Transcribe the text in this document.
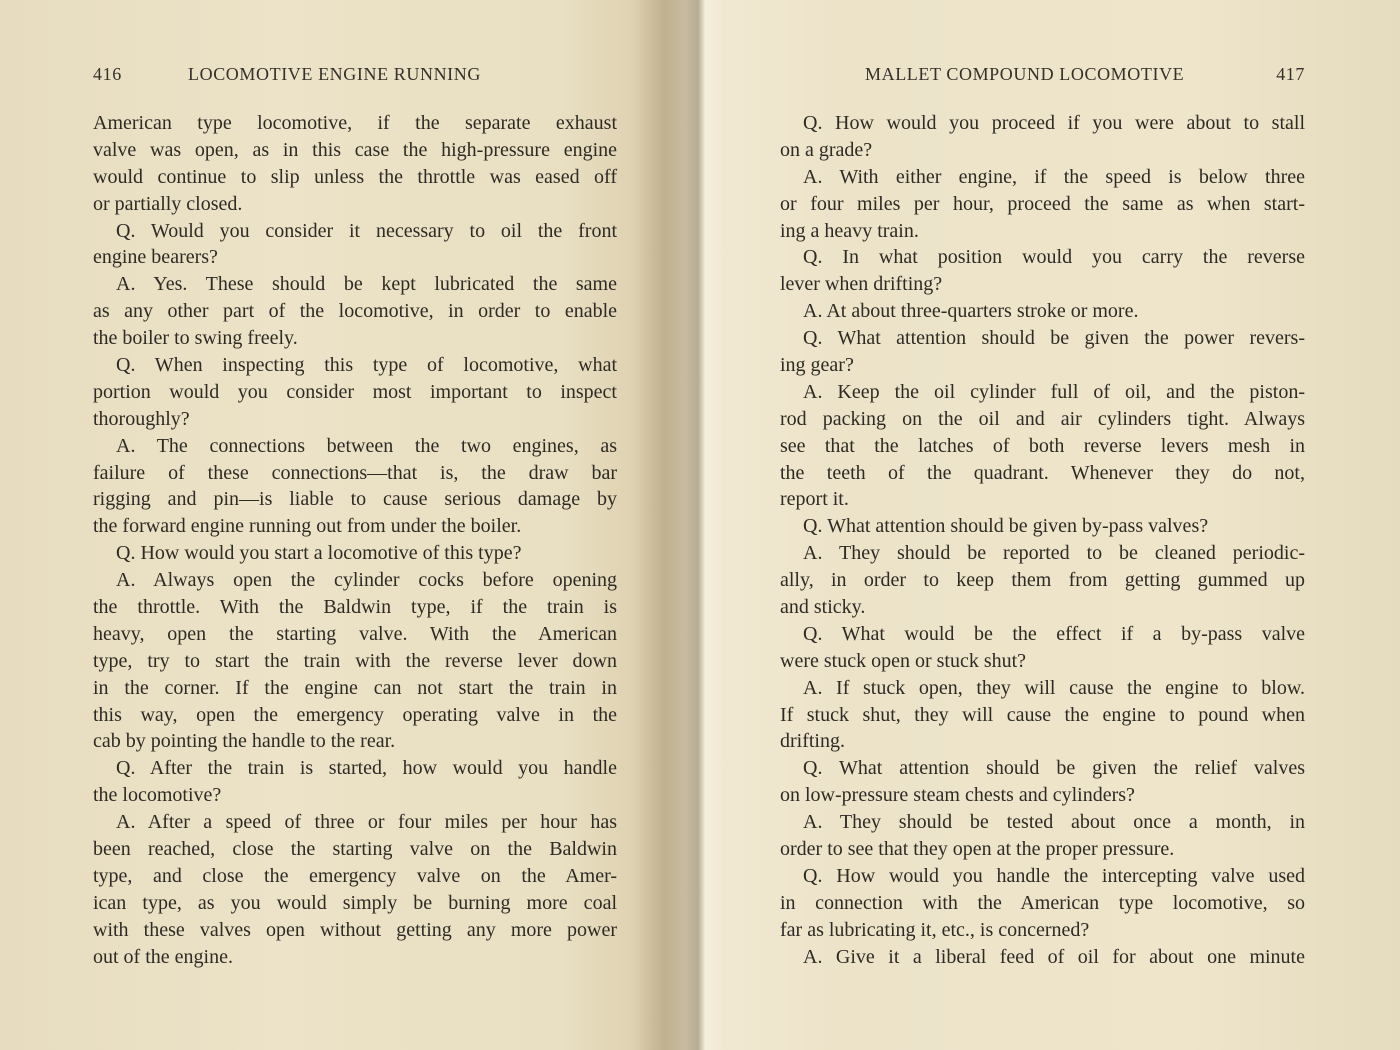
416	LOCOMOTIVE ENGINE RUNNING
American type locomotive, if the separate exhaust
valve was open, as in this case the high-pressure engine
would continue to slip unless the throttle was eased off
or partially closed.
Q. Would you consider it necessary to oil the front
engine bearers?
A. Yes. These should be kept lubricated the same
as any other part of the locomotive, in order to enable
the boiler to swing freely.
Q. When inspecting this type of locomotive, what
portion would you consider most important to inspect
thoroughly?
A. The connections between the two engines, as
failure of these connections—that is, the draw bar
rigging and pin—is liable to cause serious damage by
the forward engine running out from under the boiler.
Q. How would you start a locomotive of this type?
A. Always open the cylinder cocks before opening
the throttle. With the Baldwin type, if the train is
heavy, open the starting valve. With the American
type, try to start the train with the reverse lever down
in the corner. If the engine can not start the train in
this way, open the emergency operating valve in the
cab by pointing the handle to the rear.
Q. After the train is started, how would you handle
the locomotive?
A. After a speed of three or four miles per hour has
been reached, close the starting valve on the Baldwin
type, and close the emergency valve on the Amer-
ican type, as you would simply be burning more coal
with these valves open without getting any more power
out of the engine.
MALLET COMPOUND LOCOMOTIVE	417
Q. How would you proceed if you were about to stall
on a grade?
A. With either engine, if the speed is below three
or four miles per hour, proceed the same as when start-
ing a heavy train.
Q. In what position would you carry the reverse
lever when drifting?
A. At about three-quarters stroke or more.
Q. What attention should be given the power revers-
ing gear?
A. Keep the oil cylinder full of oil, and the piston-
rod packing on the oil and air cylinders tight. Always
see that the latches of both reverse levers mesh in
the teeth of the quadrant. Whenever they do not,
report it.
Q. What attention should be given by-pass valves?
A. They should be reported to be cleaned periodic-
ally, in order to keep them from getting gummed up
and sticky.
Q. What would be the effect if a by-pass valve
were stuck open or stuck shut?
A. If stuck open, they will cause the engine to blow.
If stuck shut, they will cause the engine to pound when
drifting.
Q. What attention should be given the relief valves
on low-pressure steam chests and cylinders?
A. They should be tested about once a month, in
order to see that they open at the proper pressure.
Q. How would you handle the intercepting valve used
in connection with the American type locomotive, so
far as lubricating it, etc., is concerned?
A. Give it a liberal feed of oil for about one minute
